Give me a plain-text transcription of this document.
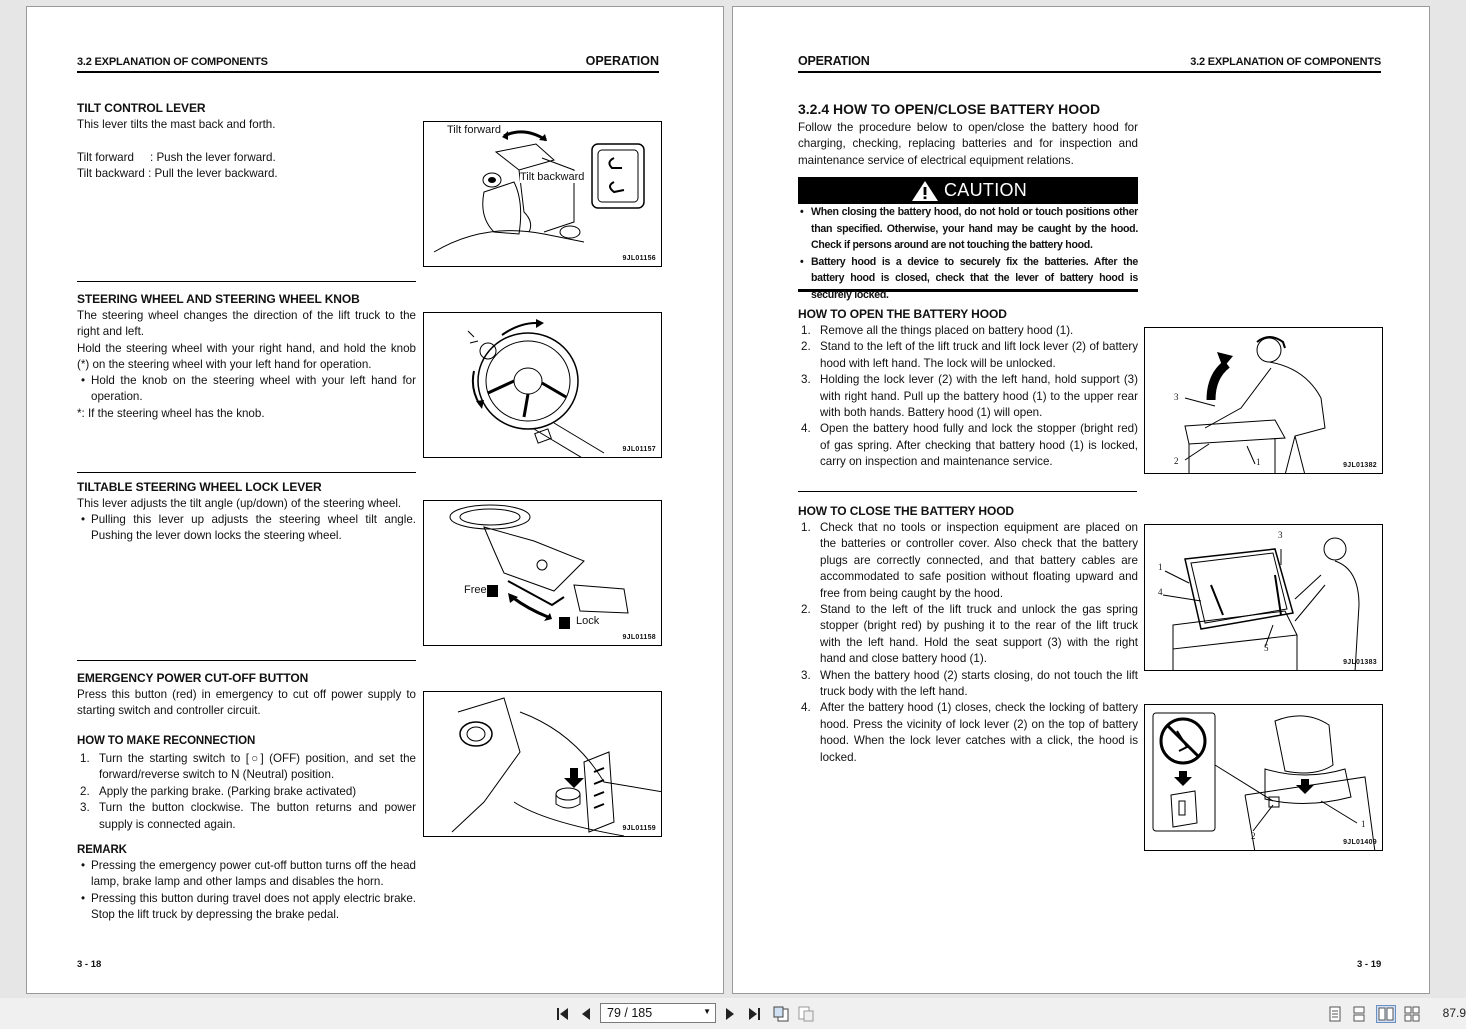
3.2 EXPLANATION OF COMPONENTS	OPERATION
TILT CONTROL LEVER
This lever tilts the mast back and forth.
Tilt forward     : Push the lever forward.
Tilt backward : Pull the lever backward.
Tilt forward
Tilt backward
9JL01156
STEERING WHEEL AND STEERING WHEEL KNOB
The steering wheel changes the direction of the lift truck to the right and left.
Hold the steering wheel with your right hand, and hold the knob (*) on the steering wheel with your left hand for operation.
• Hold the knob on the steering wheel with your left hand for operation.
*: If the steering wheel has the knob.
9JL01157
TILTABLE STEERING WHEEL LOCK LEVER
This lever adjusts the tilt angle (up/down) of the steering wheel.
• Pulling this lever up adjusts the steering wheel tilt angle. Pushing the lever down locks the steering wheel.
Free
Lock
9JL01158
EMERGENCY POWER CUT-OFF BUTTON
Press this button (red) in emergency to cut off power supply to starting switch and controller circuit.
HOW TO MAKE RECONNECTION
1. Turn the starting switch to [○] (OFF) position, and set the forward/reverse switch to N (Neutral) position.
2. Apply the parking brake. (Parking brake activated)
3. Turn the button clockwise. The button returns and power supply is connected again.
REMARK
• Pressing the emergency power cut-off button turns off the head lamp, brake lamp and other lamps and disables the horn.
• Pressing this button during travel does not apply electric brake. Stop the lift truck by depressing the brake pedal.
9JL01159
3 - 18
OPERATION	3.2 EXPLANATION OF COMPONENTS
3.2.4 HOW TO OPEN/CLOSE BATTERY HOOD
Follow the procedure below to open/close the battery hood for charging, checking, replacing batteries and for inspection and maintenance service of electrical equipment relations.
CAUTION
• When closing the battery hood, do not hold or touch positions other than specified. Otherwise, your hand may be caught by the hood. Check if persons around are not touching the battery hood.
• Battery hood is a device to securely fix the batteries. After the battery hood is closed, check that the lever of battery hood is securely locked.
HOW TO OPEN THE BATTERY HOOD
1. Remove all the things placed on battery hood (1).
2. Stand to the left of the lift truck and lift lock lever (2) of battery hood with left hand. The lock will be unlocked.
3. Holding the lock lever (2) with the left hand, hold support (3) with right hand. Pull up the battery hood (1) to the upper rear with both hands. Battery hood (1) will open.
4. Open the battery hood fully and lock the stopper (bright red) of gas spring. After checking that battery hood (1) is locked, carry on inspection and maintenance service.
3
2	1	9JL01382
HOW TO CLOSE THE BATTERY HOOD
1. Check that no tools or inspection equipment are placed on the batteries or controller cover. Also check that the battery plugs are correctly connected, and that battery cables are accommodated to safe position without floating upward and free from being caught by the hood.
2. Stand to the left of the lift truck and unlock the gas spring stopper (bright red) by pushing it to the rear of the lift truck with the left hand. Hold the seat support (3) with the right hand and close battery hood (1).
3. When the battery hood (2) starts closing, do not touch the lift truck body with the left hand.
4. After the battery hood (1) closes, check the locking of battery hood. Press the vicinity of lock lever (2) on the top of battery hood. When the lock lever catches with a click, the hood is locked.
3
1
4
5
9JL01383
2
1
9JL01409
3 - 19
79 / 185	▼	87.9
